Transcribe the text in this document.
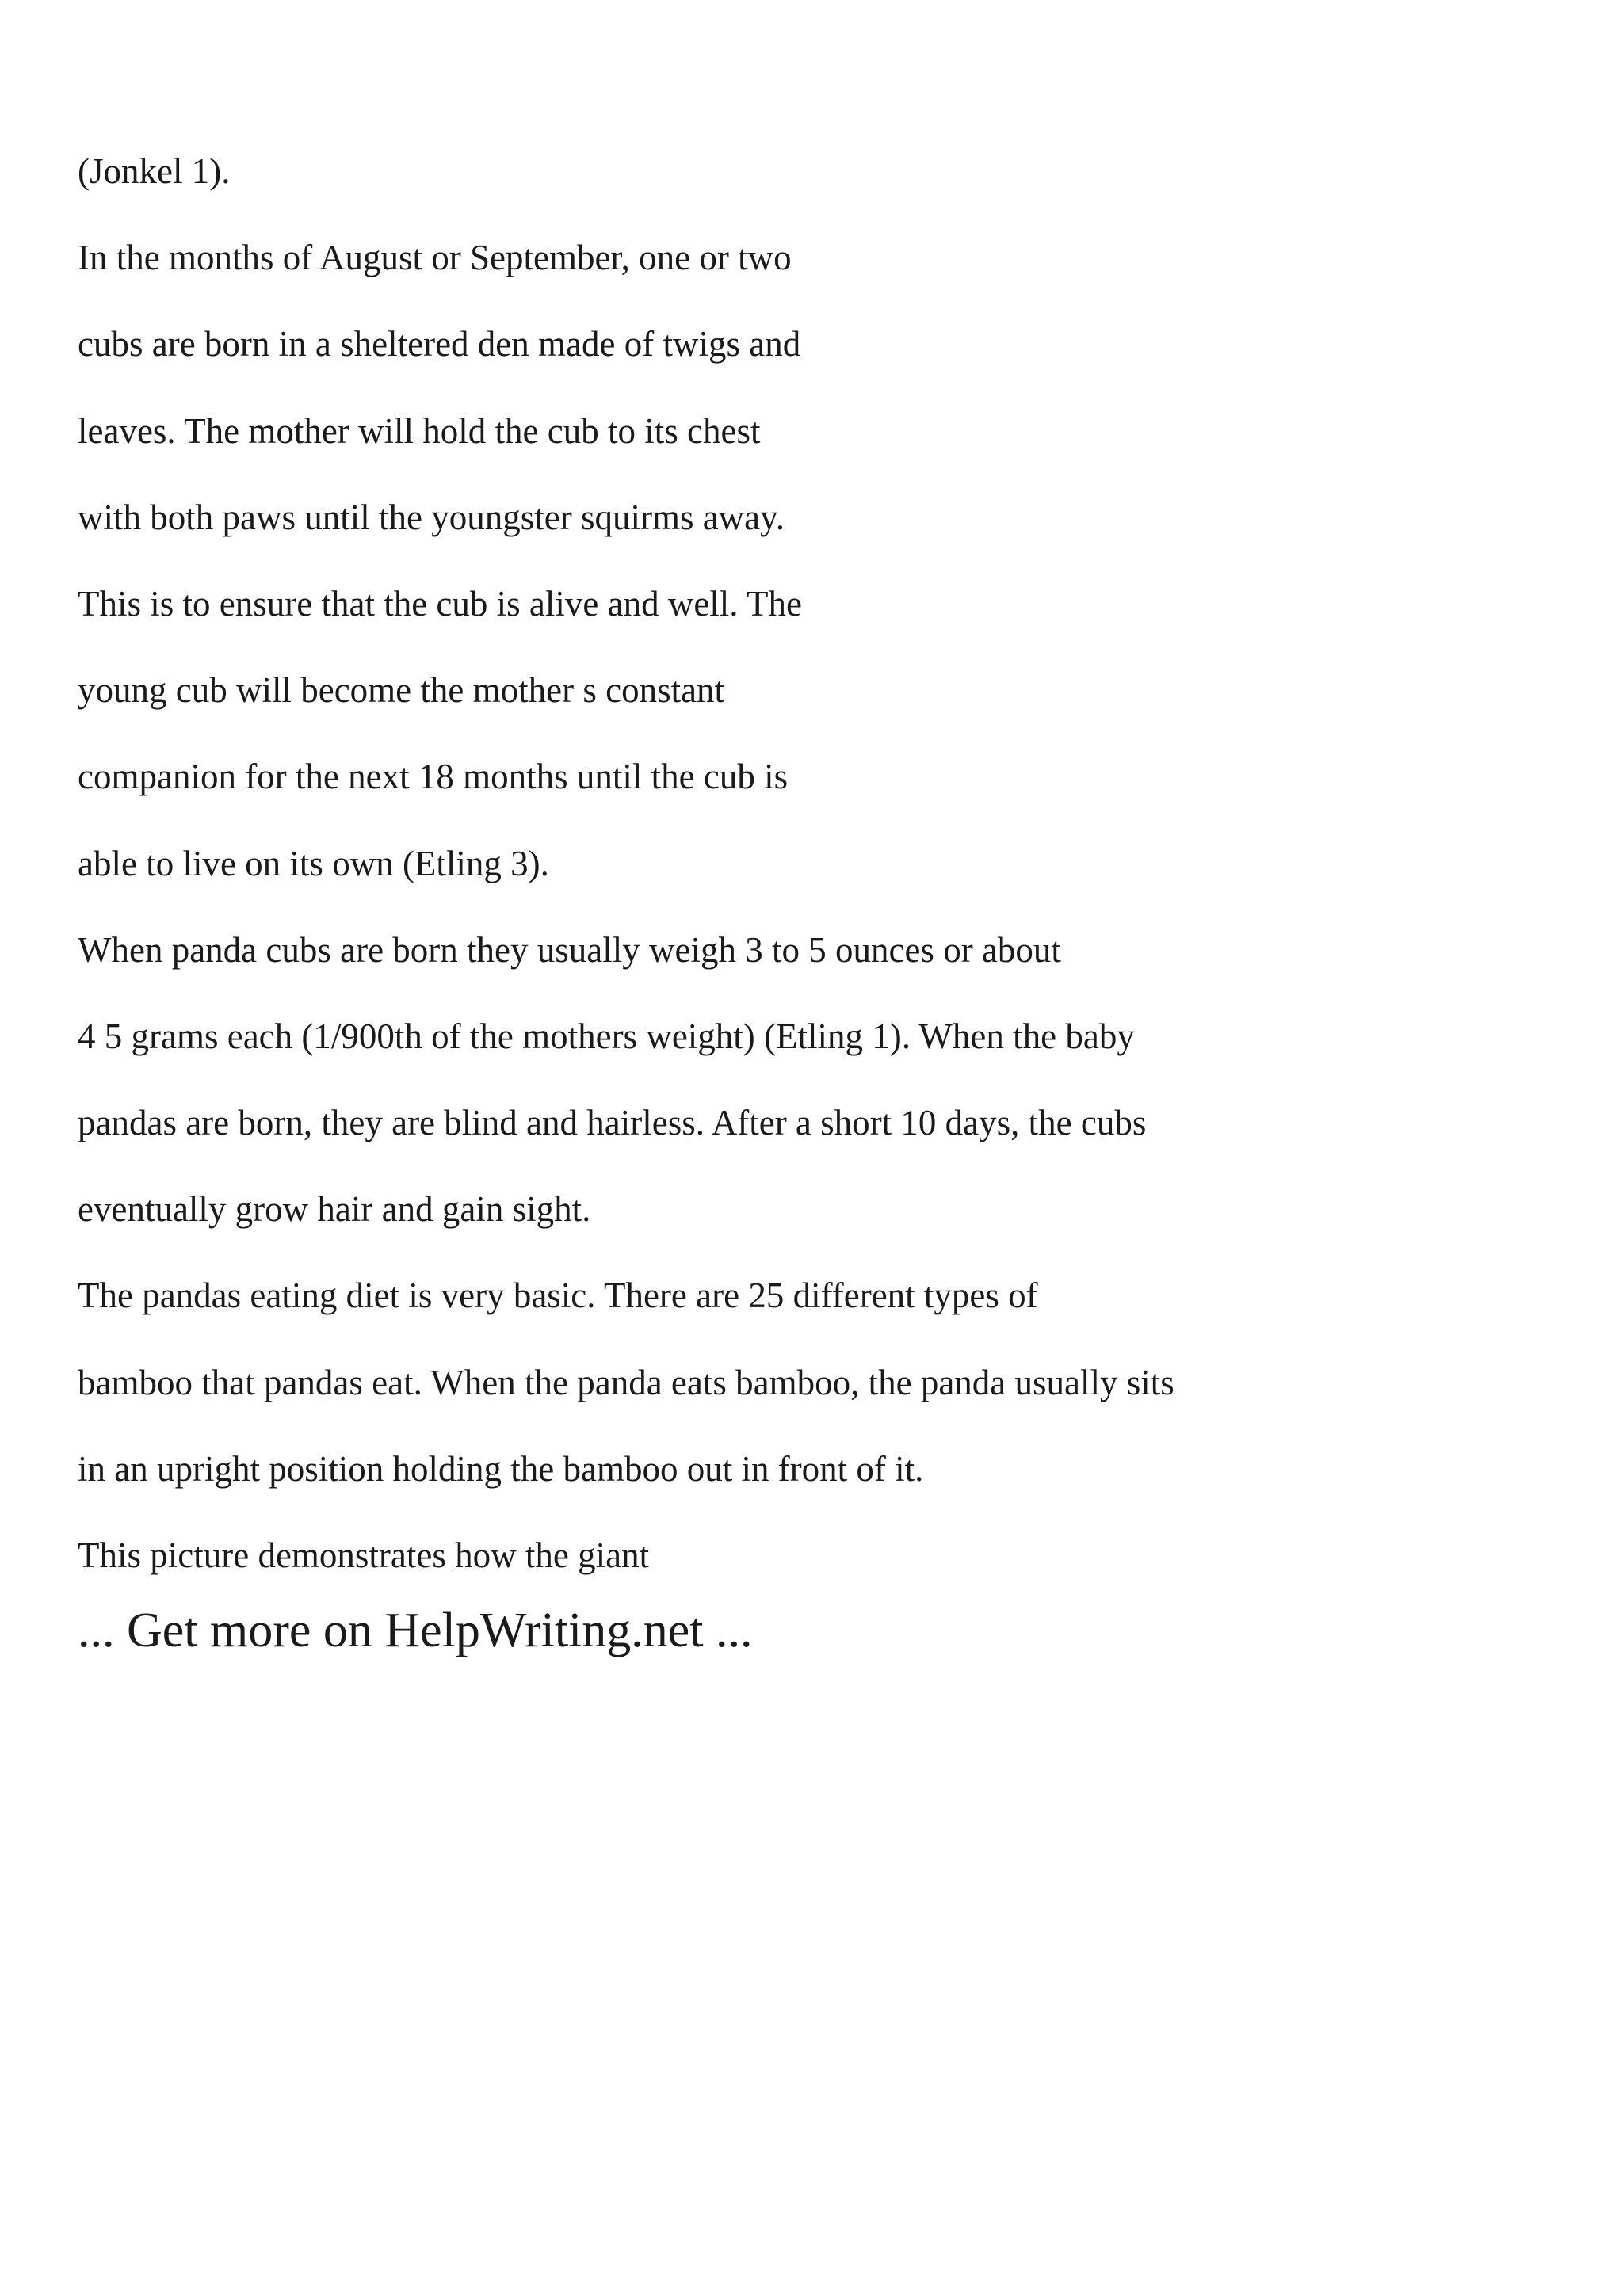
(Jonkel 1).

In the months of August or September, one or two

cubs are born in a sheltered den made of twigs and

leaves. The mother will hold the cub to its chest

with both paws until the youngster squirms away.

This is to ensure that the cub is alive and well. The

young cub will become the mother s constant

companion for the next 18 months until the cub is

able to live on its own (Etling 3).

When panda cubs are born they usually weigh 3 to 5 ounces or about

4 5 grams each (1/900th of the mothers weight) (Etling 1). When the baby

pandas are born, they are blind and hairless. After a short 10 days, the cubs

eventually grow hair and gain sight.

The pandas eating diet is very basic. There are 25 different types of

bamboo that pandas eat. When the panda eats bamboo, the panda usually sits

in an upright position holding the bamboo out in front of it.

This picture demonstrates how the giant

... Get more on HelpWriting.net ...
